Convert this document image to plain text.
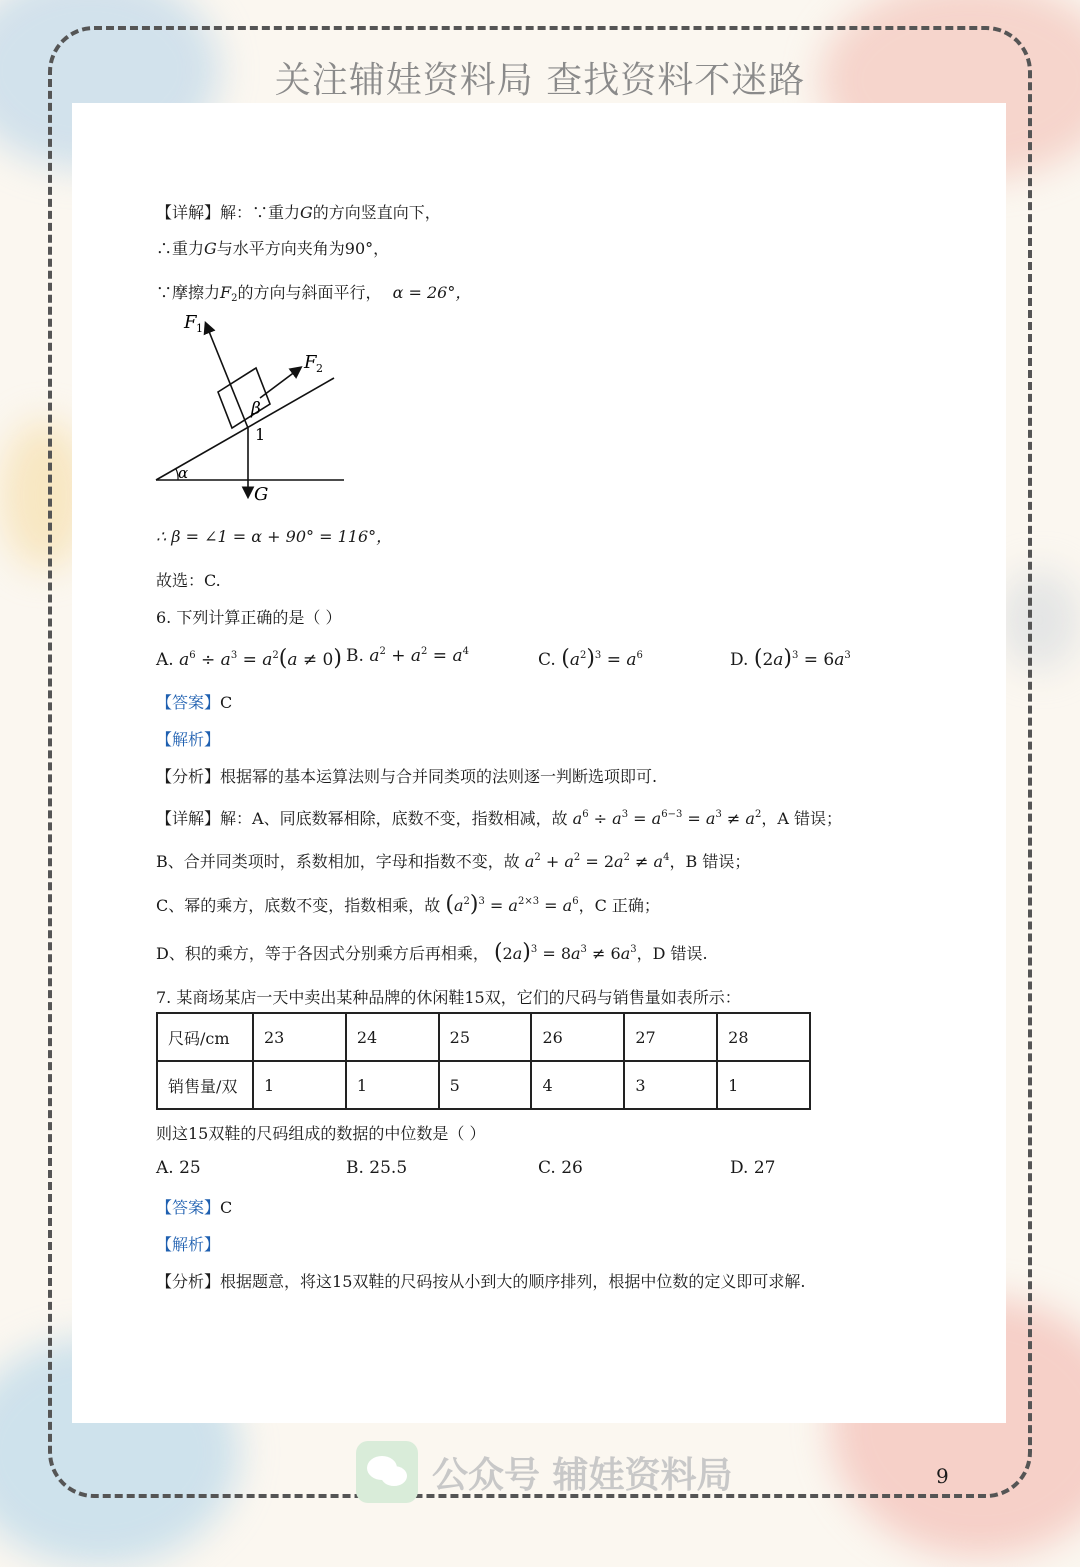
关注辅娃资料局 查找资料不迷路
【详解】解：∵重力G的方向竖直向下，
∴重力G与水平方向夹角为90°，
∵摩擦力$F_2$的方向与斜面平行， α = 26°，
F 1
F 2
β
1
α
G
∴ β = ∠1 = α + 90° = 116°，
故选：C.
6. 下列计算正确的是（ ）
A. $a^6 \div a^3 = a^2(a \ne 0)$ B. $a^2 + a^2 = a^4$	C. $(a^2)^3 = a^6$	D. $(2a)^3 = 6a^3$
【答案】C
【解析】
【分析】根据幂的基本运算法则与合并同类项的法则逐一判断选项即可.
【详解】解：A、同底数幂相除，底数不变，指数相减，故 $a^6 \div a^3 = a^{6-3} = a^3 \ne a^2$，A 错误；
B、合并同类项时，系数相加，字母和指数不变，故 $a^2 + a^2 = 2a^2 \ne a^4$，B 错误；
C、幂的乘方，底数不变，指数相乘，故 $(a^2)^3 = a^{2\times 3} = a^6$，C 正确；
D、积的乘方，等于各因式分别乘方后再相乘， $(2a)^3 = 8a^3 \ne 6a^3$，D 错误.
7. 某商场某店一天中卖出某种品牌的休闲鞋15双，它们的尺码与销售量如表所示：
尺码/cm	23	24	25	26	27	28
销售量/双	1	1	5	4	3	1
则这15双鞋的尺码组成的数据的中位数是（ ）
A. 25	B. 25.5	C. 26	D. 27
【答案】C
【解析】
【分析】根据题意，将这15双鞋的尺码按从小到大的顺序排列，根据中位数的定义即可求解.
公众号 辅娃资料局	9
